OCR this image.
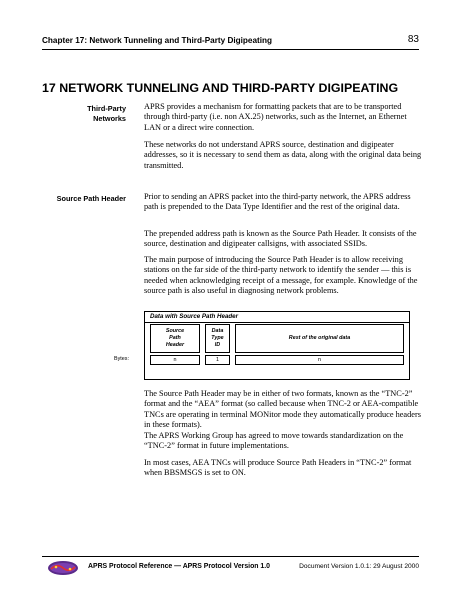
Chapter 17: Network Tunneling and Third-Party Digipeating	83
17 NETWORK TUNNELING AND THIRD-PARTY DIGIPEATING
Third-Party
Networks

APRS provides a mechanism for formatting packets that are to be transported through third-party (i.e. non AX.25) networks, such as the Internet, an Ethernet LAN or a direct wire connection.

These networks do not understand APRS source, destination and digipeater addresses, so it is necessary to send them as data, along with the original data being transmitted.

Source Path Header Prior to sending an APRS packet into the third-party network, the APRS address path is prepended to the Data Type Identifier and the rest of the original data.

The prepended address path is known as the Source Path Header. It consists of the source, destination and digipeater callsigns, with associated SSIDs.

The main purpose of introducing the Source Path Header is to allow receiving stations on the far side of the third-party network to identify the sender — this is needed when acknowledging receipt of a message, for example. Knowledge of the source path is also useful in diagnosing network problems.

Data with Source Path Header
Source
Path
Header
Data
Type
ID
Rest of the original data
Bytes:	n	1	n

The Source Path Header may be in either of two formats, known as the “TNC-2” format and the “AEA” format (so called because when TNC-2 or AEA-compatible TNCs are operating in terminal MONitor mode they automatically produce headers in these formats).

The APRS Working Group has agreed to move towards standardization on the “TNC-2” format in future implementations.

In most cases, AEA TNCs will produce Source Path Headers in “TNC-2” format when BBSMSGS is set to ON.

APRS Protocol Reference — APRS Protocol Version 1.0	Document Version 1.0.1: 29 August 2000
